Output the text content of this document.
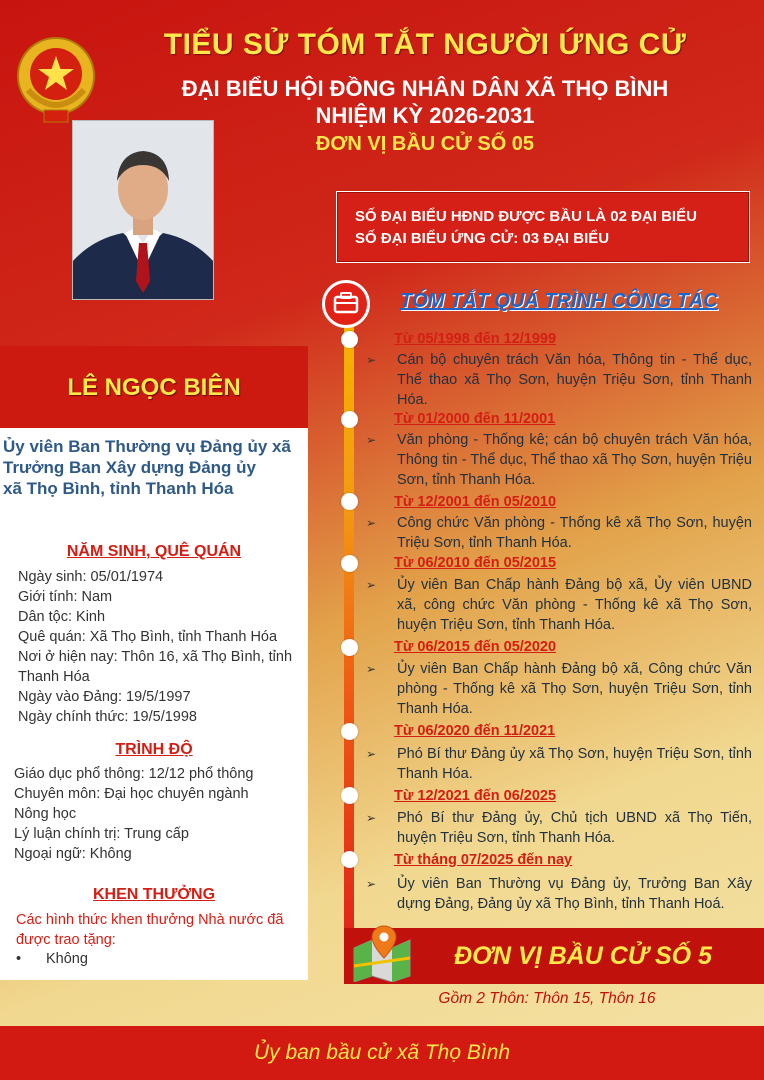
TIỂU SỬ TÓM TẮT NGƯỜI ỨNG CỬ
ĐẠI BIỂU HỘI ĐỒNG NHÂN DÂN XÃ THỌ BÌNH
NHIỆM KỲ 2026-2031
ĐƠN VỊ BẦU CỬ SỐ 05
SỐ ĐẠI BIỂU HĐND ĐƯỢC BẦU LÀ 02 ĐẠI BIỂU
SỐ ĐẠI BIỂU ỨNG CỬ: 03 ĐẠI BIỂU
LÊ NGỌC BIÊN
Ủy viên Ban Thường vụ Đảng ủy xã
Trưởng Ban Xây dựng Đảng ủy
xã Thọ Bình, tỉnh Thanh Hóa
NĂM SINH, QUÊ QUÁN
Ngày sinh: 05/01/1974
Giới tính: Nam
Dân tộc: Kinh
Quê quán: Xã Thọ Bình, tỉnh Thanh Hóa
Nơi ở hiện nay: Thôn 16, xã Thọ Bình, tỉnh
Thanh Hóa
Ngày vào Đảng: 19/5/1997
Ngày chính thức: 19/5/1998
TRÌNH ĐỘ
Giáo dục phổ thông: 12/12 phổ thông
Chuyên môn: Đại học chuyên ngành
Nông học
Lý luận chính trị: Trung cấp
Ngoại ngữ: Không
KHEN THƯỞNG
Các hình thức khen thưởng Nhà nước đã
được trao tặng:
• Không
TÓM TẮT QUÁ TRÌNH CÔNG TÁC
Từ 05/1998 đến 12/1999
➢ Cán bộ chuyên trách Văn hóa, Thông tin - Thể dục, Thể thao xã Thọ Sơn, huyện Triệu Sơn, tỉnh Thanh Hóa.
Từ 01/2000 đến 11/2001
➢ Văn phòng - Thống kê; cán bộ chuyên trách Văn hóa, Thông tin - Thể dục, Thể thao xã Thọ Sơn, huyện Triệu Sơn, tỉnh Thanh Hóa.
Từ 12/2001 đến 05/2010
➢ Công chức Văn phòng - Thống kê xã Thọ Sơn, huyện Triệu Sơn, tỉnh Thanh Hóa.
Từ 06/2010 đến 05/2015
➢ Ủy viên Ban Chấp hành Đảng bộ xã, Ủy viên UBND xã, công chức Văn phòng - Thống kê xã Thọ Sơn, huyện Triệu Sơn, tỉnh Thanh Hóa.
Từ 06/2015 đến 05/2020
➢ Ủy viên Ban Chấp hành Đảng bộ xã, Công chức Văn phòng - Thống kê xã Thọ Sơn, huyện Triệu Sơn, tỉnh Thanh Hóa.
Từ 06/2020 đến 11/2021
➢ Phó Bí thư Đảng ủy xã Thọ Sơn, huyện Triệu Sơn, tỉnh Thanh Hóa.
Từ 12/2021 đến 06/2025
➢ Phó Bí thư Đảng ủy, Chủ tịch UBND xã Thọ Tiến, huyện Triệu Sơn, tỉnh Thanh Hóa.
Từ tháng 07/2025 đến nay
➢ Ủy viên Ban Thường vụ Đảng ủy, Trưởng Ban Xây dựng Đảng, Đảng ủy xã Thọ Bình, tỉnh Thanh Hoá.
ĐƠN VỊ BẦU CỬ SỐ 5
Gồm 2 Thôn: Thôn 15, Thôn 16
Ủy ban bầu cử xã Thọ Bình
